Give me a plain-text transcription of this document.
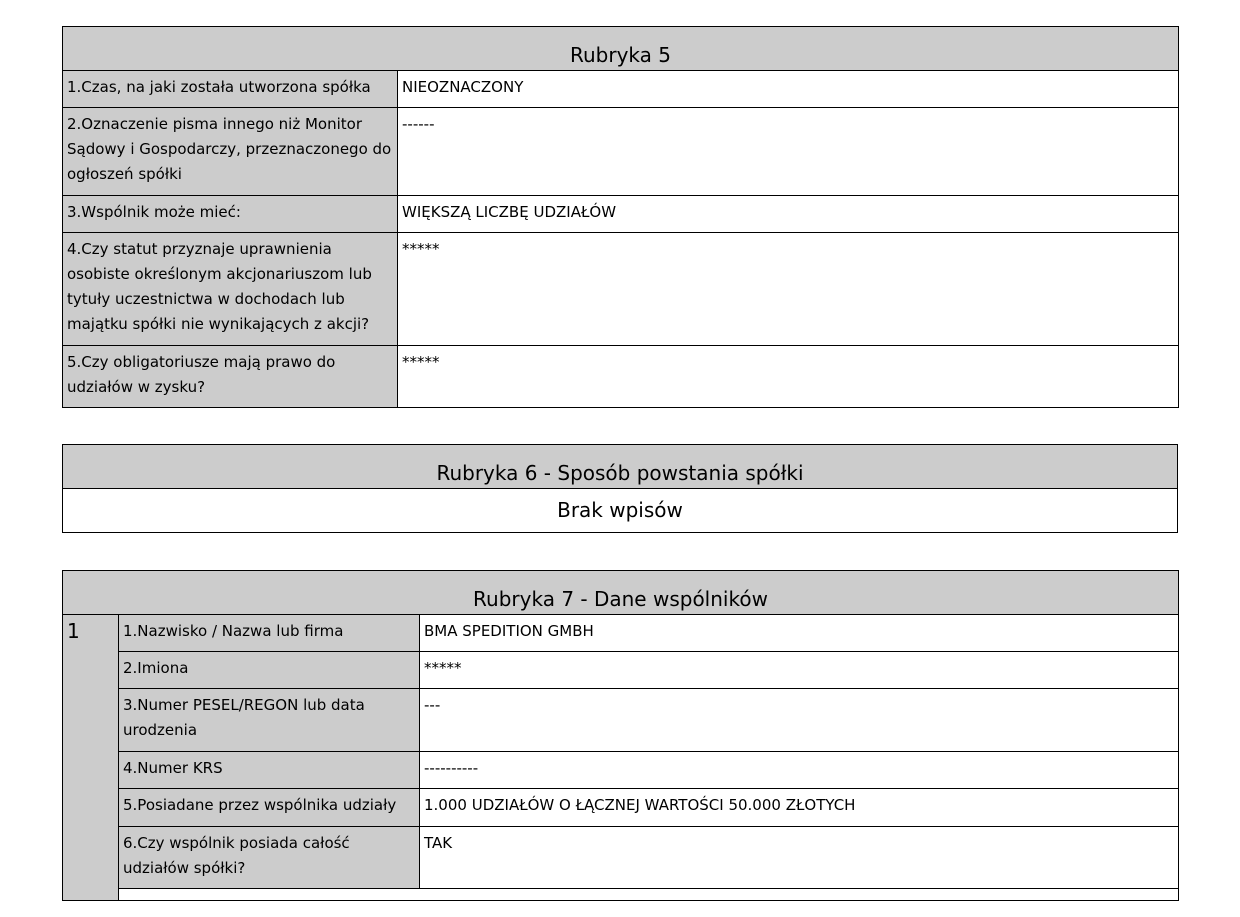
Rubryka 5	
1.Czas, na jaki została utworzona spółka	NIEOZNACZONY
2.Oznaczenie pisma innego niż Monitor Sądowy i Gospodarczy, przeznaczonego do ogłoszeń spółki	------
3.Wspólnik może mieć:	WIĘKSZĄ LICZBĘ UDZIAŁÓW
4.Czy statut przyznaje uprawnienia osobiste określonym akcjonariuszom lub tytuły uczestnictwa w dochodach lub majątku spółki nie wynikających z akcji?	*****
5.Czy obligatoriusze mają prawo do udziałów w zysku?	*****
Rubryka 6 - Sposób powstania spółki
Brak wpisów
Rubryka 7 - Dane wspólników		
1	1.Nazwisko / Nazwa lub firma	BMA SPEDITION GMBH
	2.Imiona	*****
	3.Numer PESEL/REGON lub data urodzenia	---
	4.Numer KRS	----------
	5.Posiadane przez wspólnika udziały	1.000 UDZIAŁÓW O ŁĄCZNEJ WARTOŚCI 50.000 ZŁOTYCH
	6.Czy wspólnik posiada całość udziałów spółki?	TAK
